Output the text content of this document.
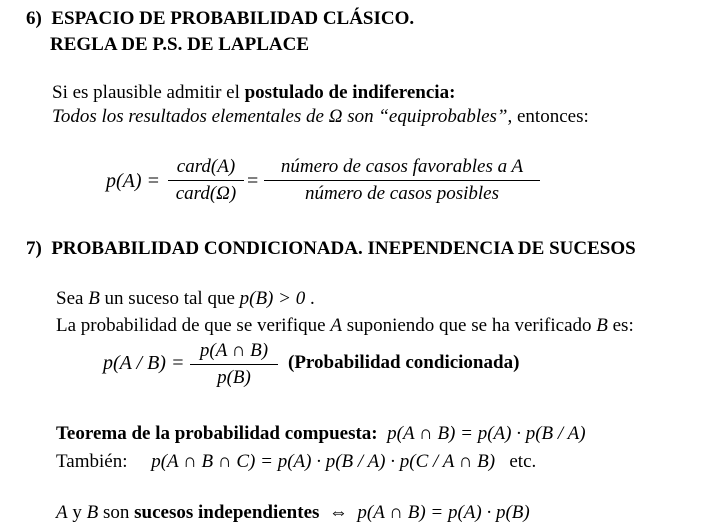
6) ESPACIO DE PROBABILIDAD CLÁSICO.
REGLA DE P.S. DE LAPLACE
Si es plausible admitir el postulado de indiferencia:
Todos los resultados elementales de Ω son “equiprobables”, entonces:
p(A) =
card(A)
card(Ω)
=
número de casos favorables a A
número de casos posibles
7) PROBABILIDAD CONDICIONADA. INEPENDENCIA DE SUCESOS
Sea B un suceso tal que p(B) > 0 .
La probabilidad de que se verifique A suponiendo que se ha verificado B es:
p(A / B) =
p(A ∩ B)
p(B)
(Probabilidad condicionada)
Teorema de la probabilidad compuesta: p(A ∩ B) = p(A) · p(B / A)
También: p(A ∩ B ∩ C) = p(A) · p(B / A) · p(C / A ∩ B) etc.
A y B son sucesos independientes ⇔ p(A ∩ B) = p(A) · p(B)
